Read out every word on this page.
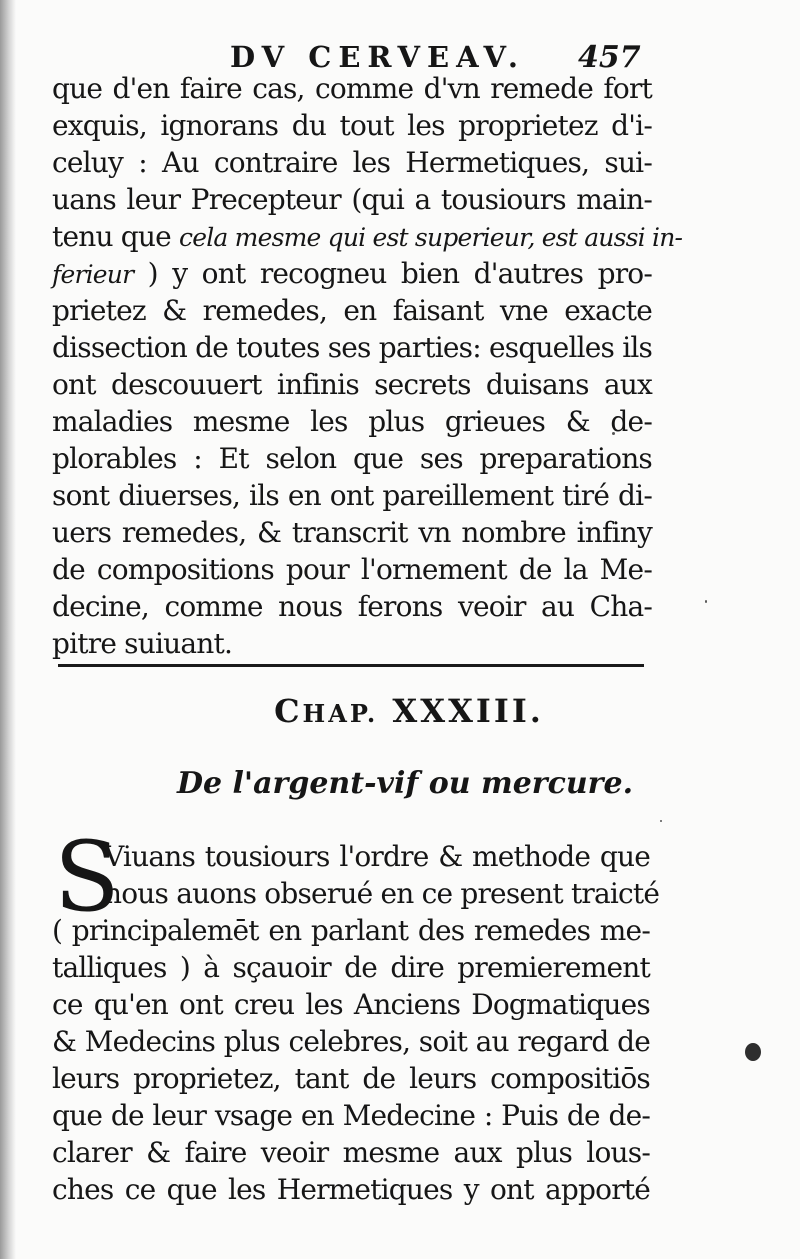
DV CERVEAV. 457
que d'en faire cas, comme d'vn remede fort
exquis, ignorans du tout les proprietez d'i-
celuy : Au contraire les Hermetiques, sui-
uans leur Precepteur (qui a tousiours main-
tenu que cela mesme qui est superieur, est aussi in-
ferieur ) y ont recogneu bien d'autres pro-
prietez & remedes, en faisant vne exacte
dissection de toutes ses parties: esquelles ils
ont descouuert infinis secrets duisans aux
maladies mesme les plus grieues & de-
plorables : Et selon que ses preparations
sont diuerses, ils en ont pareillement tiré di-
uers remedes, & transcrit vn nombre infiny
de compositions pour l'ornement de la Me-
decine, comme nous ferons veoir au Cha-
pitre suiuant.
CHAP. XXXIII.
De l'argent-vif ou mercure.
S
Viuans tousiours l'ordre & methode que
nous auons obserué en ce present traicté
( principalemēt en parlant des remedes me-
talliques ) à sçauoir de dire premierement
ce qu'en ont creu les Anciens Dogmatiques
& Medecins plus celebres, soit au regard de
leurs proprietez, tant de leurs compositiōs
que de leur vsage en Medecine : Puis de de-
clarer & faire veoir mesme aux plus lous-
ches ce que les Hermetiques y ont apporté
